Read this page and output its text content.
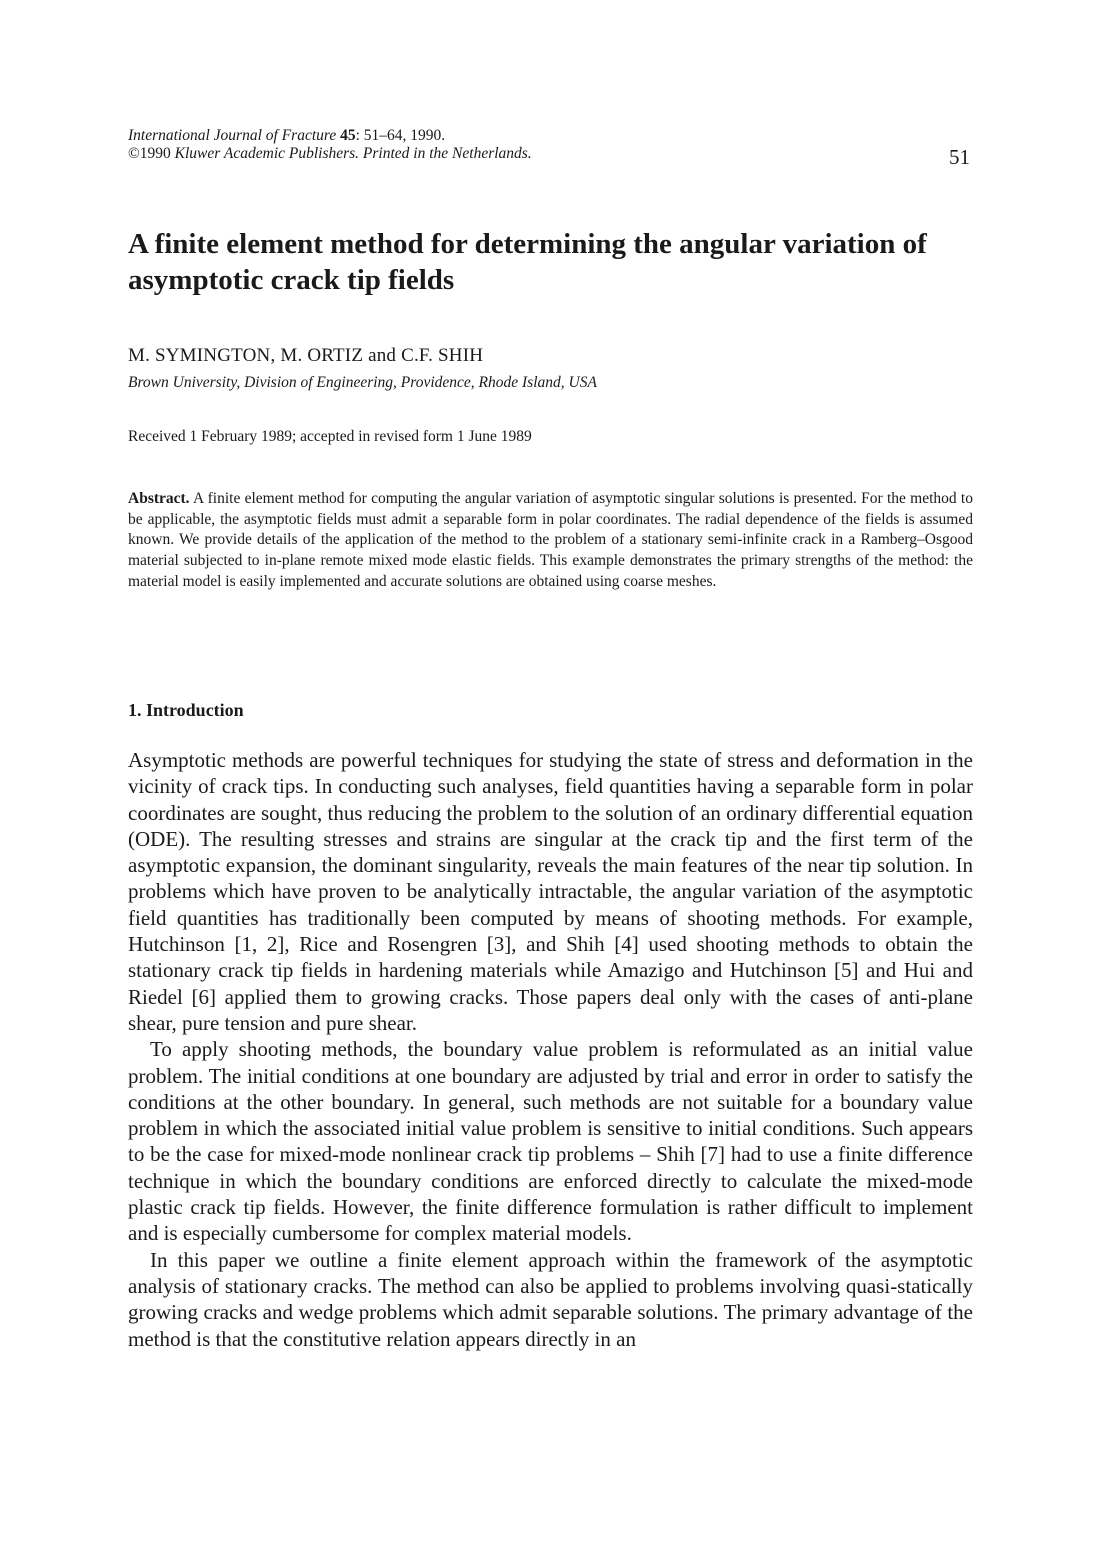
International Journal of Fracture 45: 51–64, 1990.
©1990 Kluwer Academic Publishers. Printed in the Netherlands.	51
A finite element method for determining the angular variation of asymptotic crack tip fields
M. SYMINGTON, M. ORTIZ and C.F. SHIH
Brown University, Division of Engineering, Providence, Rhode Island, USA
Received 1 February 1989; accepted in revised form 1 June 1989

Abstract. A finite element method for computing the angular variation of asymptotic singular solutions is presented. For the method to be applicable, the asymptotic fields must admit a separable form in polar coordinates. The radial dependence of the fields is assumed known. We provide details of the application of the method to the problem of a stationary semi-infinite crack in a Ramberg–Osgood material subjected to in-plane remote mixed mode elastic fields. This example demonstrates the primary strengths of the method: the material model is easily implemented and accurate solutions are obtained using coarse meshes.

1. Introduction

Asymptotic methods are powerful techniques for studying the state of stress and deformation in the vicinity of crack tips. In conducting such analyses, field quantities having a separable form in polar coordinates are sought, thus reducing the problem to the solution of an ordinary differential equation (ODE). The resulting stresses and strains are singular at the crack tip and the first term of the asymptotic expansion, the dominant singularity, reveals the main features of the near tip solution. In problems which have proven to be analytically intractable, the angular variation of the asymptotic field quantities has traditionally been computed by means of shooting methods. For example, Hutchinson [1, 2], Rice and Rosengren [3], and Shih [4] used shooting methods to obtain the stationary crack tip fields in hardening materials while Amazigo and Hutchinson [5] and Hui and Riedel [6] applied them to growing cracks. Those papers deal only with the cases of anti-plane shear, pure tension and pure shear.

To apply shooting methods, the boundary value problem is reformulated as an initial value problem. The initial conditions at one boundary are adjusted by trial and error in order to satisfy the conditions at the other boundary. In general, such methods are not suitable for a boundary value problem in which the associated initial value problem is sensitive to initial conditions. Such appears to be the case for mixed-mode nonlinear crack tip problems – Shih [7] had to use a finite difference technique in which the boundary conditions are enforced directly to calculate the mixed-mode plastic crack tip fields. However, the finite difference formulation is rather difficult to implement and is especially cumbersome for complex material models.

In this paper we outline a finite element approach within the framework of the asymptotic analysis of stationary cracks. The method can also be applied to problems involving quasi-statically growing cracks and wedge problems which admit separable solutions. The primary advantage of the method is that the constitutive relation appears directly in an
